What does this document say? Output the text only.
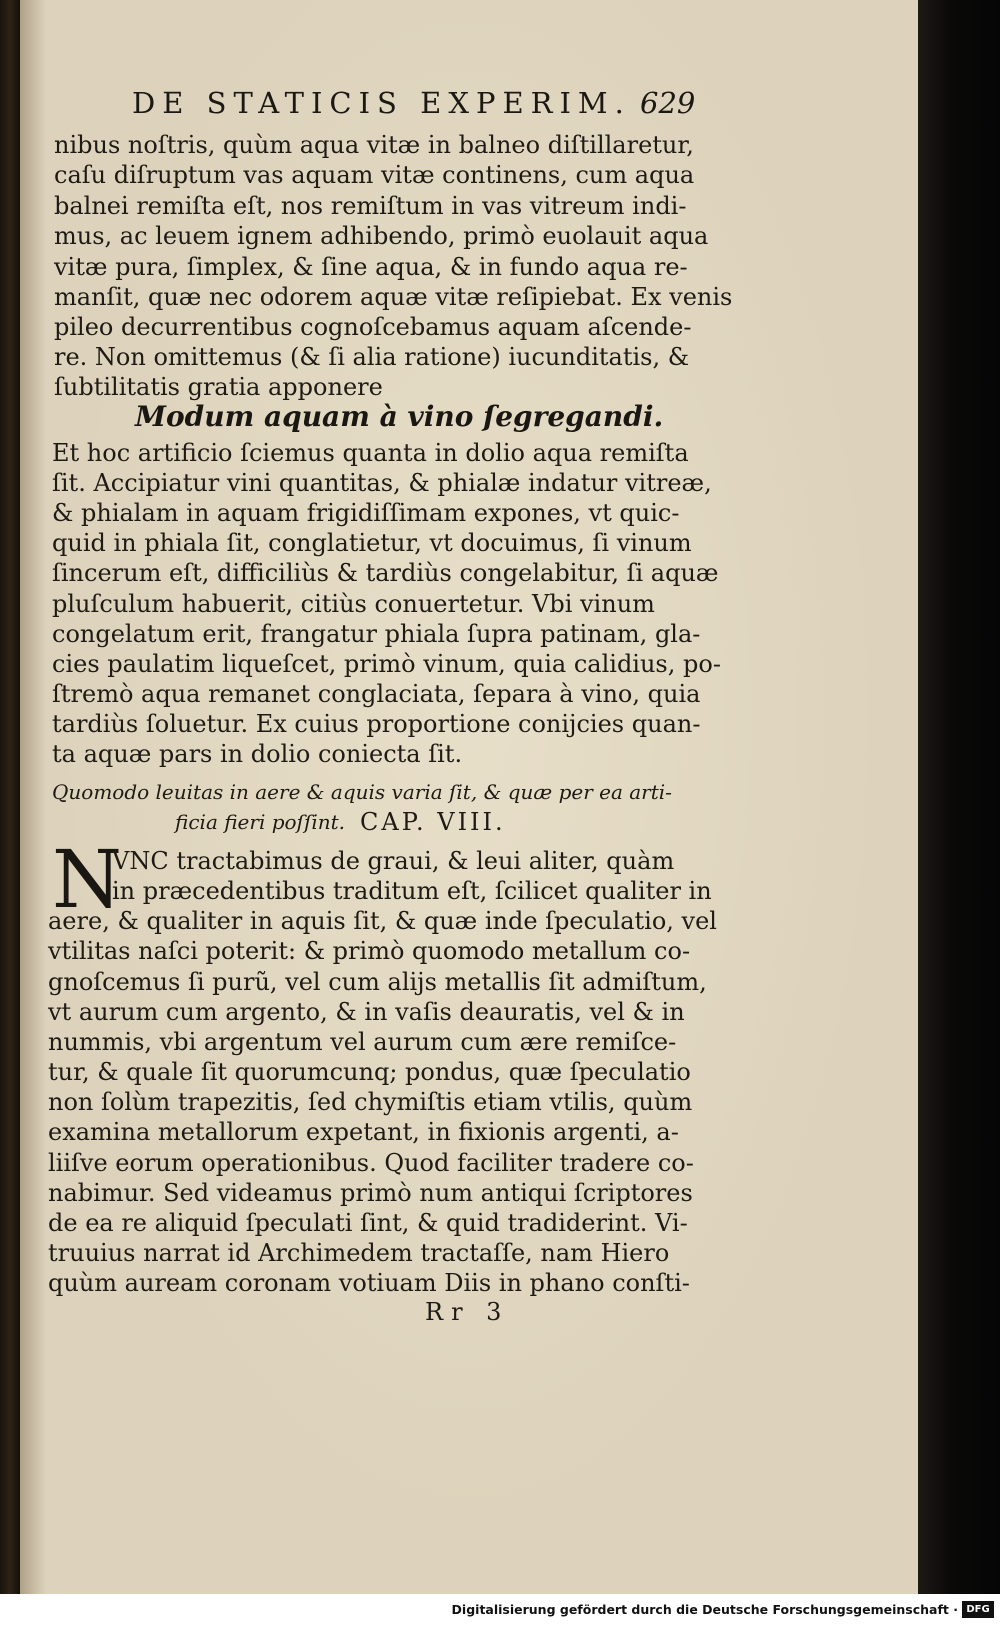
DE STATICIS EXPERIM. 629
nibus noſtris, quùm aqua vitæ in balneo diſtillaretur,
caſu diſruptum vas aquam vitæ continens, cum aqua
balnei remiſta eſt, nos remiſtum in vas vitreum indi-
mus, ac leuem ignem adhibendo, primò euolauit aqua
vitæ pura, ſimplex, & ſine aqua, & in fundo aqua re-
manſit, quæ nec odorem aquæ vitæ reſipiebat. Ex venis
pileo decurrentibus cognoſcebamus aquam aſcende-
re. Non omittemus (& ſi alia ratione) iucunditatis, &
ſubtilitatis gratia apponere
Modum aquam à vino ſegregandi.
Et hoc artificio ſciemus quanta in dolio aqua remiſta
ſit. Accipiatur vini quantitas, & phialæ indatur vitreæ,
& phialam in aquam frigidiſſimam expones, vt quic-
quid in phiala ſit, conglatietur, vt docuimus, ſi vinum
ſincerum eſt, difficiliùs & tardiùs congelabitur, ſi aquæ
pluſculum habuerit, citiùs conuertetur. Vbi vinum
congelatum erit, frangatur phiala ſupra patinam, gla-
cies paulatim liqueſcet, primò vinum, quia calidius, po-
ſtremò aqua remanet conglaciata, ſepara à vino, quia
tardiùs ſoluetur. Ex cuius proportione conijcies quan-
ta aquæ pars in dolio coniecta ſit.
Quomodo leuitas in aere & aquis varia ſit, & quæ per ea arti-
ficia fieri poſſint. CAP. VIII.
N
VNC tractabimus de graui, & leui aliter, quàm
in præcedentibus traditum eſt, ſcilicet qualiter in
aere, & qualiter in aquis ſit, & quæ inde ſpeculatio, vel
vtilitas naſci poterit: & primò quomodo metallum co-
gnoſcemus ſi purũ, vel cum alijs metallis ſit admiſtum,
vt aurum cum argento, & in vaſis deauratis, vel & in
nummis, vbi argentum vel aurum cum ære remiſce-
tur, & quale ſit quorumcunq; pondus, quæ ſpeculatio
non ſolùm trapezitis, ſed chymiſtis etiam vtilis, quùm
examina metallorum expetant, in fixionis argenti, a-
liiſve eorum operationibus. Quod faciliter tradere co-
nabimur. Sed videamus primò num antiqui ſcriptores
de ea re aliquid ſpeculati ſint, & quid tradiderint. Vi-
truuius narrat id Archimedem tractaſſe, nam Hiero
quùm auream coronam votiuam Diis in phano conſti-
Rr 3
Digitalisierung gefördert durch die Deutsche Forschungsgemeinschaft · DFG
